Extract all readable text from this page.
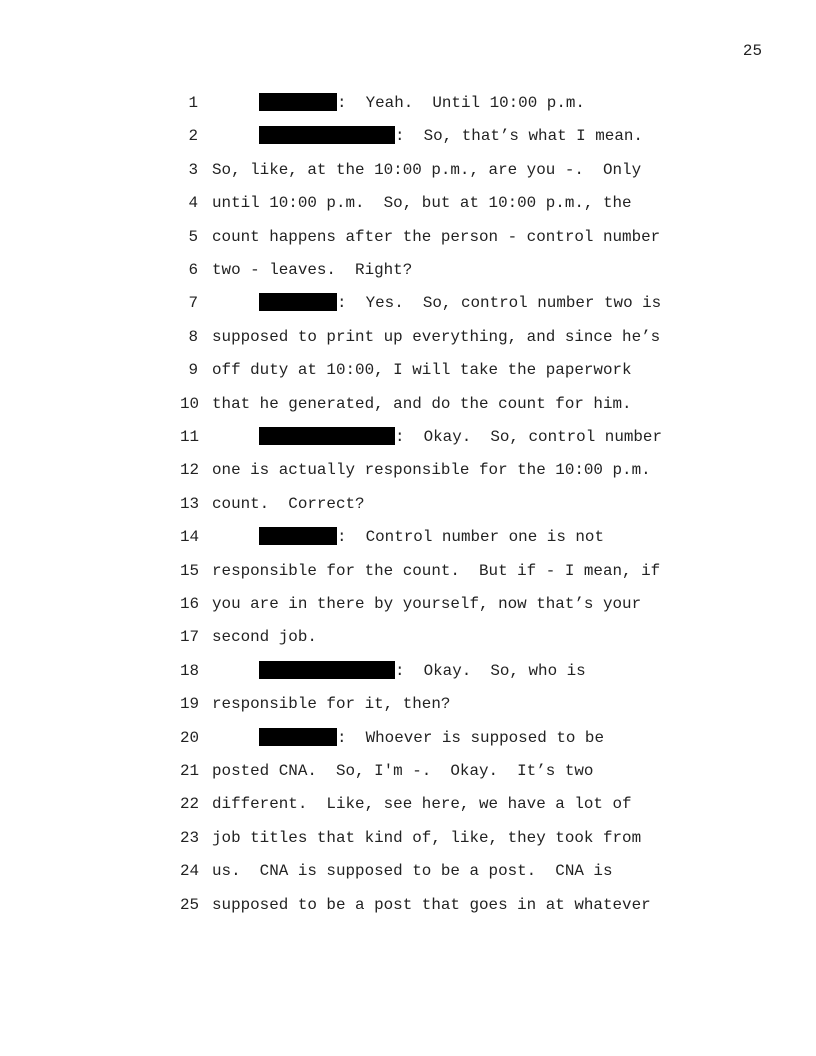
25
1	:  Yeah.  Until 10:00 p.m.
2	:  So, that’s what I mean.
3 So, like, at the 10:00 p.m., are you -.  Only
4 until 10:00 p.m.  So, but at 10:00 p.m., the
5 count happens after the person - control number
6 two - leaves.  Right?
7	:  Yes.  So, control number two is
8 supposed to print up everything, and since he’s
9 off duty at 10:00, I will take the paperwork
10 that he generated, and do the count for him.
11	:  Okay.  So, control number
12 one is actually responsible for the 10:00 p.m.
13 count.  Correct?
14	:  Control number one is not
15 responsible for the count.  But if - I mean, if
16 you are in there by yourself, now that’s your
17 second job.
18	:  Okay.  So, who is
19 responsible for it, then?
20	:  Whoever is supposed to be
21 posted CNA.  So, I'm -.  Okay.  It’s two
22 different.  Like, see here, we have a lot of
23 job titles that kind of, like, they took from
24 us.  CNA is supposed to be a post.  CNA is
25 supposed to be a post that goes in at whatever
